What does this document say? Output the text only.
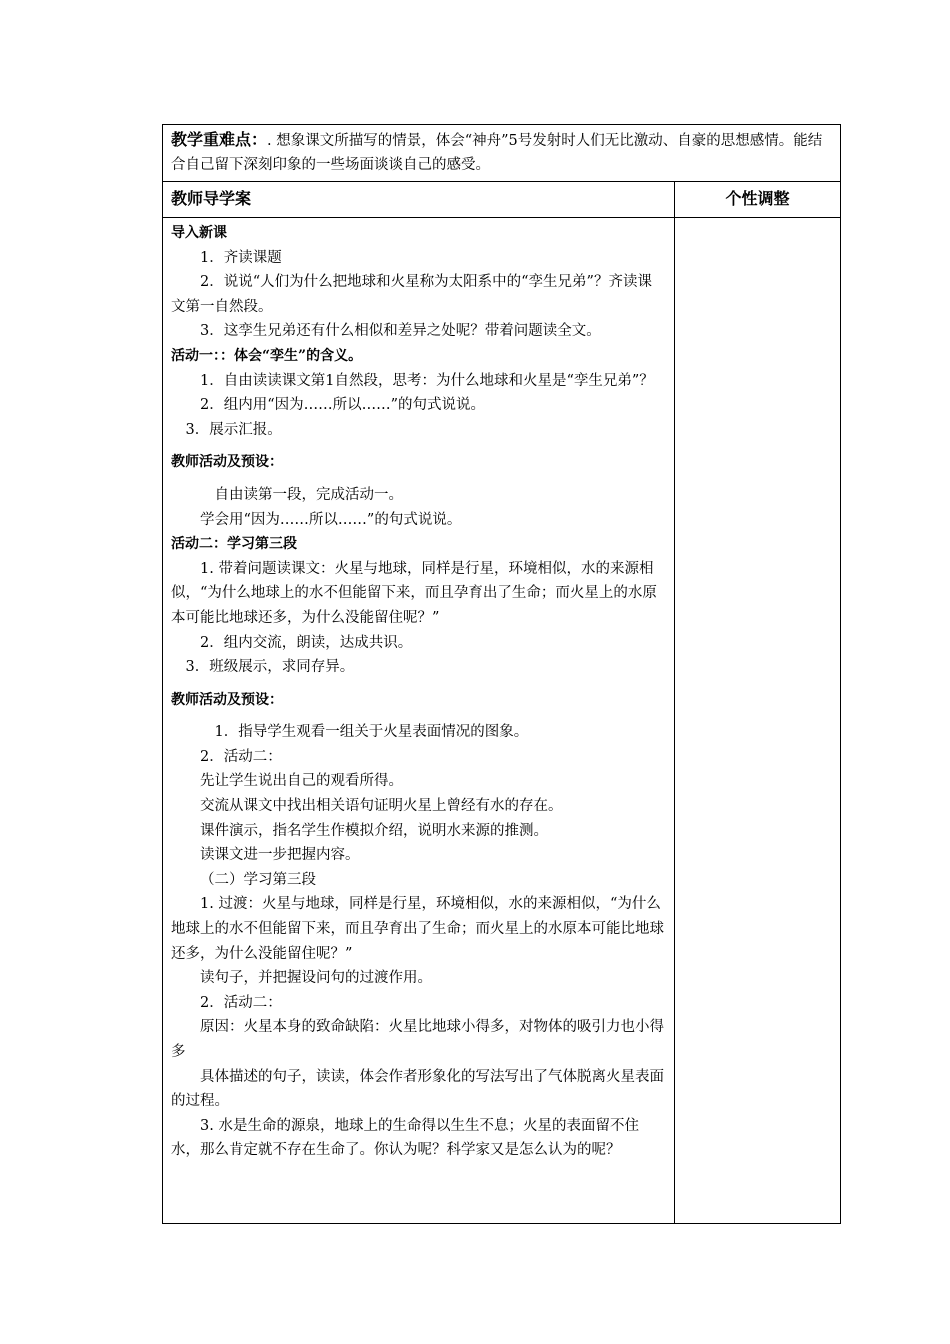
教学重难点：. 想象课文所描写的情景，体会“神舟”5号发射时人们无比激动、自豪的思想感情。能结合自己留下深刻印象的一些场面谈谈自己的感受。
教师导学案	个性调整

导入新课

1．齐读课题

2．说说“人们为什么把地球和火星称为太阳系中的“孪生兄弟”？齐读课文第一自然段。

3．这孪生兄弟还有什么相似和差异之处呢？带着问题读全文。

活动一：：体会“孪生”的含义。

1．自由读读课文第1自然段，思考：为什么地球和火星是“孪生兄弟”？

2．组内用“因为……所以……”的句式说说。

3．展示汇报。

教师活动及预设：

自由读第一段，完成活动一。

学会用“因为……所以……”的句式说说。

活动二：学习第三段

1. 带着问题读课文：火星与地球，同样是行星，环境相似，水的来源相似，“为什么地球上的水不但能留下来，而且孕育出了生命；而火星上的水原本可能比地球还多，为什么没能留住呢？”

2．组内交流，朗读，达成共识。

3．班级展示，求同存异。

教师活动及预设：

1．指导学生观看一组关于火星表面情况的图象。

2．活动二：

先让学生说出自己的观看所得。

交流从课文中找出相关语句证明火星上曾经有水的存在。

课件演示，指名学生作模拟介绍，说明水来源的推测。

读课文进一步把握内容。

（二）学习第三段

1. 过渡：火星与地球，同样是行星，环境相似，水的来源相似，“为什么地球上的水不但能留下来，而且孕育出了生命；而火星上的水原本可能比地球还多，为什么没能留住呢？”

读句子，并把握设问句的过渡作用。

2．活动二：

原因：火星本身的致命缺陷：火星比地球小得多，对物体的吸引力也小得多

具体描述的句子，读读，体会作者形象化的写法写出了气体脱离火星表面的过程。

3. 水是生命的源泉，地球上的生命得以生生不息；火星的表面留不住水，那么肯定就不存在生命了。你认为呢？科学家又是怎么认为的呢？
